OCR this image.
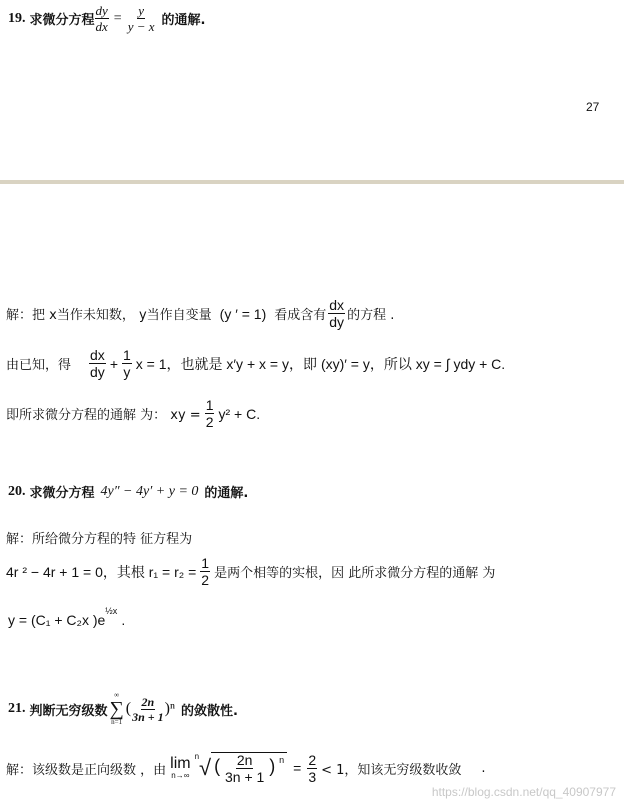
19. 求微分方程 $\frac{dy}{dx} = \frac{y}{y - x}$ 的通解.
27
解：把 x当作未知数， y当作自变量 (y ′ = 1) 看成含有 $\frac{dx}{dy}$ 的方程 .
由已知，得 $\frac{dx}{dy} + \frac{1}{y}$ x = 1，也就是 x′y + x = y，即 (xy)′ = y，所以 xy = ∫ ydy + C.
即所求微分方程的通解 为： xy = $\frac{1}{2} y^2 + C$.
20. 求微分方程 4y″ − 4y′ + y = 0 的通解.
解：所给微分方程的特 征方程为
4r ² − 4r + 1 = 0，其根 $r_1 = r_2 = \frac{1}{2}$ 是两个相等的实根，因 此所求微分方程的通解 为
y = (C₁ + C₂x )e
½x
.
21. 判断无穷级数
∞
∑
n=1
( $\frac{2n}{3n + 1} )^n$ 的敛散性.
解：该级数是正向级数 ，由 lim
n→∞
n √ ( $\frac{2n}{3n + 1}$ ) $^n = \frac{2}{3} < 1$，知该无穷级数收敛 .
https://blog.csdn.net/qq_40907977
